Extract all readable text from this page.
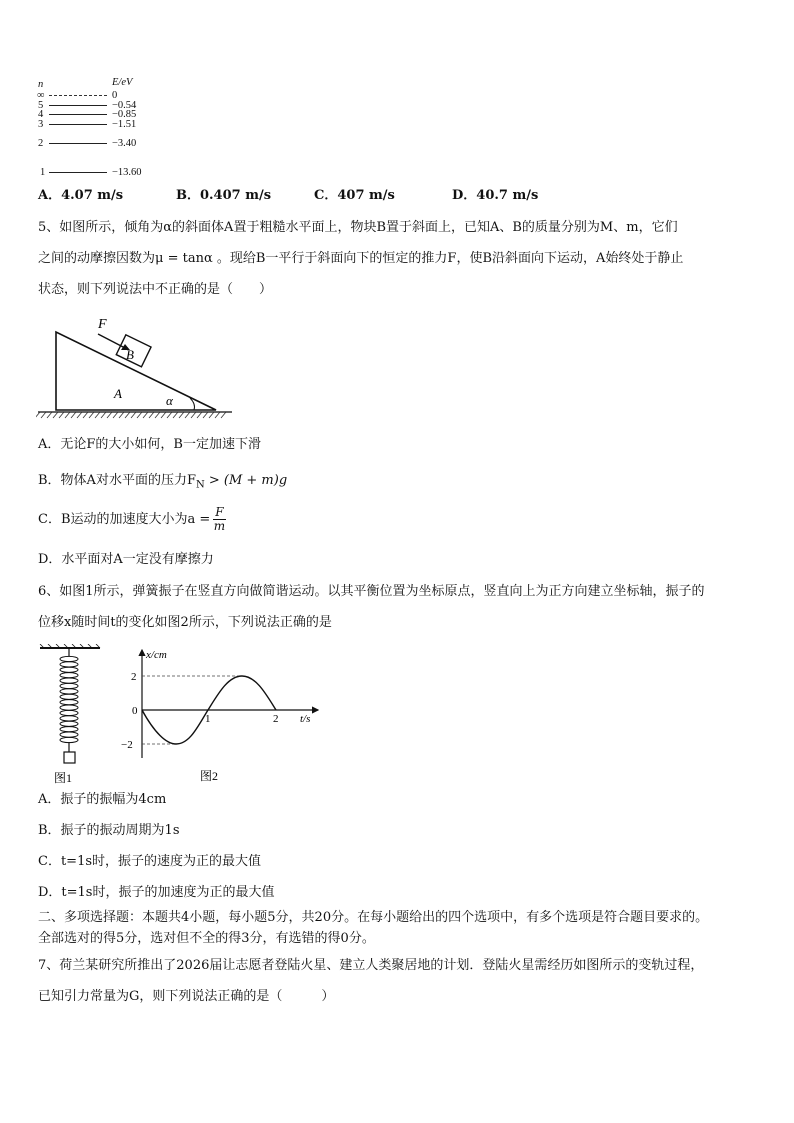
n	E/eV
∞	0
5	−0.54
4	−0.85
3	−1.51
2	−3.40
1	−13.60
A．4.07 m/s	B．0.407 m/s	C．407 m/s	D．40.7 m/s
5、如图所示，倾角为α的斜面体A置于粗糙水平面上，物块B置于斜面上，已知A、B的质量分别为M、m，它们
之间的动摩擦因数为μ = tanα 。现给B一平行于斜面向下的恒定的推力F，使B沿斜面向下运动，A始终处于静止
状态，则下列说法中不正确的是（　　）
F
B
A	α
A．无论F的大小如何，B一定加速下滑
B．物体A对水平面的压力$F_N > (M + m)g$
C．B运动的加速度大小为$a = \frac{F}{m}$
D．水平面对A一定没有摩擦力
6、如图1所示，弹簧振子在竖直方向做简谐运动。以其平衡位置为坐标原点，竖直向上为正方向建立坐标轴，振子的
位移x随时间t的变化如图2所示，下列说法正确的是
图1
x/cm
t/s
2
0
−2
1	2
图2
A．振子的振幅为4cm
B．振子的振动周期为1s
C．t=1s时，振子的速度为正的最大值
D．t=1s时，振子的加速度为正的最大值
二、多项选择题：本题共4小题，每小题5分，共20分。在每小题给出的四个选项中，有多个选项是符合题目要求的。
全部选对的得5分，选对但不全的得3分，有选错的得0分。
7、荷兰某研究所推出了2026届让志愿者登陆火星、建立人类聚居地的计划．登陆火星需经历如图所示的变轨过程，
已知引力常量为G，则下列说法正确的是（　　　）
